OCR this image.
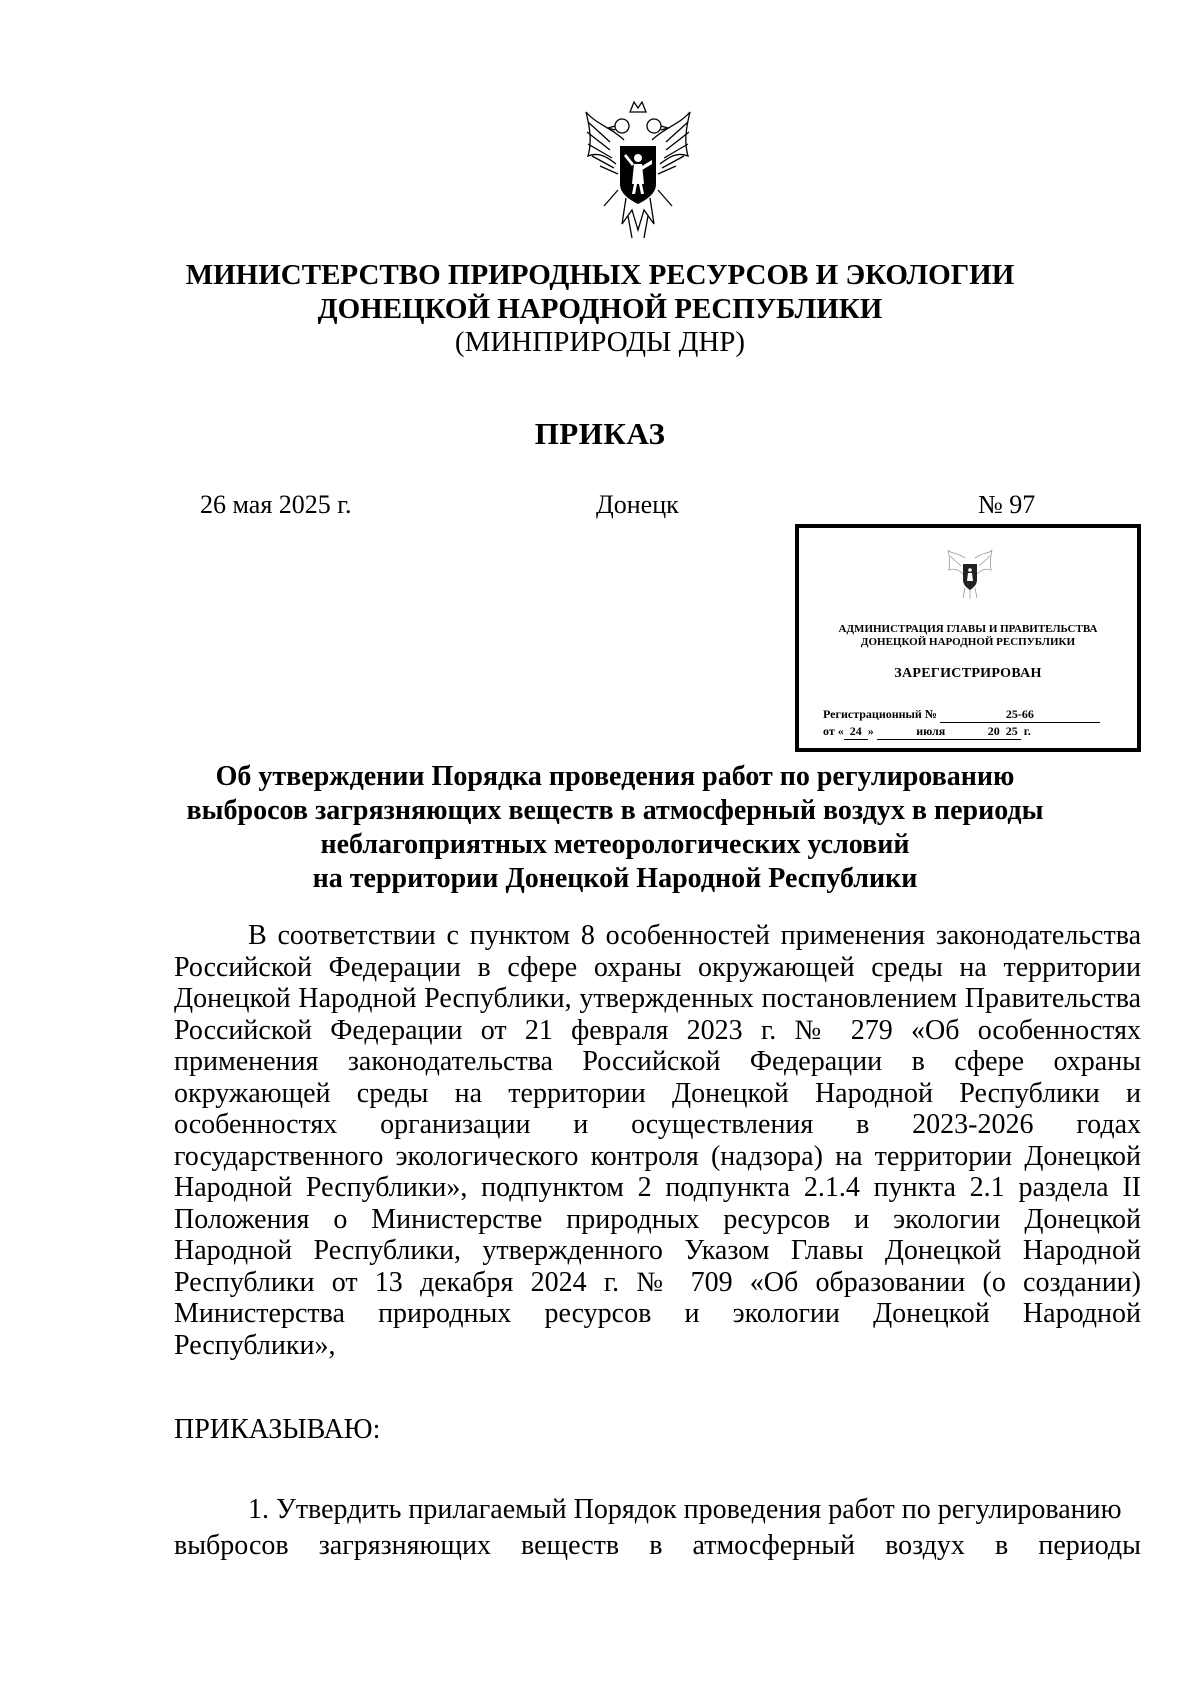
МИНИСТЕРСТВО ПРИРОДНЫХ РЕСУРСОВ И ЭКОЛОГИИ
ДОНЕЦКОЙ НАРОДНОЙ РЕСПУБЛИКИ
(МИНПРИРОДЫ ДНР)
ПРИКАЗ
26 мая 2025 г.	Донецк	№ 97
АДМИНИСТРАЦИЯ ГЛАВЫ И ПРАВИТЕЛЬСТВА
ДОНЕЦКОЙ НАРОДНОЙ РЕСПУБЛИКИ
ЗАРЕГИСТРИРОВАН
Регистрационный №	25-66
от « 24 »	июля	20 25 г.
Об утверждении Порядка проведения работ по регулированию
выбросов загрязняющих веществ в атмосферный воздух в периоды
неблагоприятных метеорологических условий
на территории Донецкой Народной Республики

В соответствии с пунктом 8 особенностей применения законодательства Российской Федерации в сфере охраны окружающей среды на территории Донецкой Народной Республики, утвержденных постановлением Правительства Российской Федерации от 21 февраля 2023 г. № 279 «Об особенностях применения законодательства Российской Федерации в сфере охраны окружающей среды на территории Донецкой Народной Республики и особенностях организации и осуществления в 2023-2026 годах государственного экологического контроля (надзора) на территории Донецкой Народной Республики», подпунктом 2 подпункта 2.1.4 пункта 2.1 раздела II Положения о Министерстве природных ресурсов и экологии Донецкой Народной Республики, утвержденного Указом Главы Донецкой Народной Республики от 13 декабря 2024 г. № 709 «Об образовании (о создании) Министерства природных ресурсов и экологии Донецкой Народной Республики»,

ПРИКАЗЫВАЮ:
1. Утвердить прилагаемый Порядок проведения работ по регулированию
выбросов загрязняющих веществ в атмосферный воздух в периоды
